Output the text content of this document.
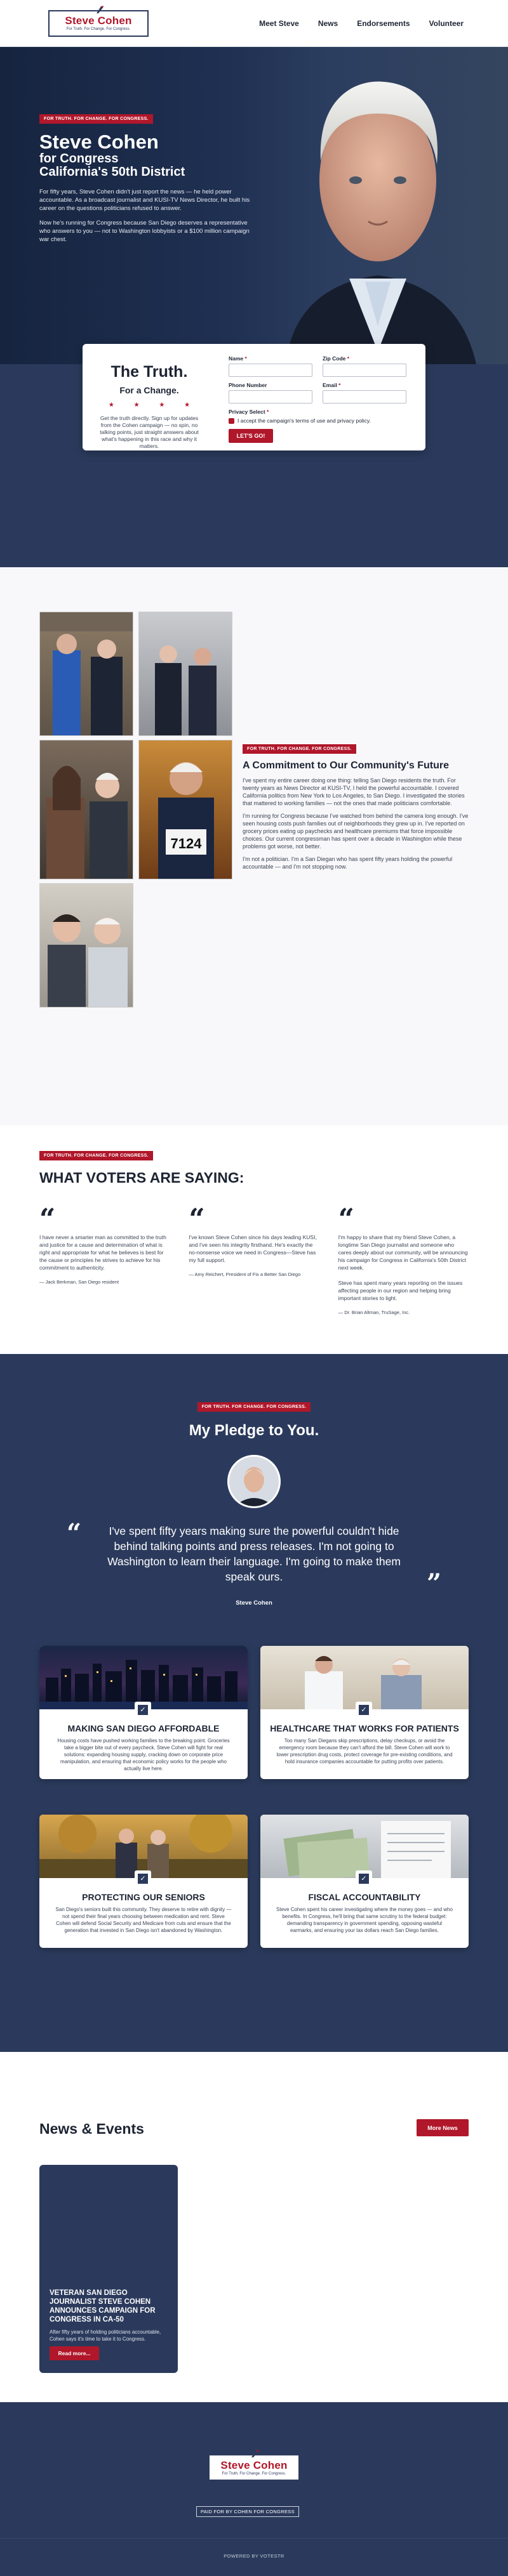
Steve Cohen
For Truth. For Change. For Congress.
Meet Steve	News	Endorsements	Volunteer
FOR TRUTH. FOR CHANGE. FOR CONGRESS.
Steve Cohen
for Congress
California's 50th District

For fifty years, Steve Cohen didn't just report the news — he held power accountable. As a broadcast journalist and KUSI-TV News Director, he built his career on the questions politicians refused to answer.

Now he's running for Congress because San Diego deserves a representative who answers to you — not to Washington lobbyists or a $100 million campaign war chest.

The Truth.
For a Change.
★ ★ ★ ★

Get the truth directly. Sign up for updates from the Cohen campaign — no spin, no talking points, just straight answers about what's happening in this race and why it matters.

Name *	Zip Code *
Phone Number	Email *
Privacy Select *
I accept the campaign's terms of use and privacy policy.
LET'S GO!
7124
FOR TRUTH. FOR CHANGE. FOR CONGRESS.
A Commitment to Our Community's Future

I've spent my entire career doing one thing: telling San Diego residents the truth. For twenty years as News Director at KUSI-TV, I held the powerful accountable. I covered California politics from New York to Los Angeles, to San Diego. I investigated the stories that mattered to working families — not the ones that made politicians comfortable.

I'm running for Congress because I've watched from behind the camera long enough. I've seen housing costs push families out of neighborhoods they grew up in. I've reported on grocery prices eating up paychecks and healthcare premiums that force impossible choices. Our current congressman has spent over a decade in Washington while these problems got worse, not better.

I'm not a politician. I'm a San Diegan who has spent fifty years holding the powerful accountable — and I'm not stopping now.

FOR TRUTH. FOR CHANGE. FOR CONGRESS.
WHAT VOTERS ARE SAYING:
“

I have never a smarter man as committed to the truth and justice for a cause and determination of what is right and appropriate for what he believes is best for the cause or principles he strives to achieve for his commitment to authenticity.

— Jack Berkman, San Diego resident
“

I've known Steve Cohen since his days leading KUSI, and I've seen his integrity firsthand. He's exactly the no-nonsense voice we need in Congress—Steve has my full support.

— Amy Reichert, President of Fix a Better San Diego
“

I'm happy to share that my friend Steve Cohen, a longtime San Diego journalist and someone who cares deeply about our community, will be announcing his campaign for Congress in California's 50th District next week.

Steve has spent many years reporting on the issues affecting people in our region and helping bring important stories to light.

— Dr. Brian Altman, TruSage, Inc.
FOR TRUTH. FOR CHANGE. FOR CONGRESS.
My Pledge to You.
“	I've spent fifty years making sure the powerful couldn't hide behind talking points and press releases. I'm not going to Washington to learn their language. I'm going to make them speak ours.	”
Steve Cohen
✓
MAKING SAN DIEGO AFFORDABLE

Housing costs have pushed working families to the breaking point. Groceries take a bigger bite out of every paycheck. Steve Cohen will fight for real solutions: expanding housing supply, cracking down on corporate price manipulation, and ensuring that economic policy works for the people who actually live here.

✓
HEALTHCARE THAT WORKS FOR PATIENTS

Too many San Diegans skip prescriptions, delay checkups, or avoid the emergency room because they can't afford the bill. Steve Cohen will work to lower prescription drug costs, protect coverage for pre-existing conditions, and hold insurance companies accountable for putting profits over patients.

✓
PROTECTING OUR SENIORS

San Diego's seniors built this community. They deserve to retire with dignity — not spend their final years choosing between medication and rent. Steve Cohen will defend Social Security and Medicare from cuts and ensure that the generation that invested in San Diego isn't abandoned by Washington.

✓
FISCAL ACCOUNTABILITY

Steve Cohen spent his career investigating where the money goes — and who benefits. In Congress, he'll bring that same scrutiny to the federal budget: demanding transparency in government spending, opposing wasteful earmarks, and ensuring your tax dollars reach San Diego families.

News & Events	More News
VETERAN SAN DIEGO JOURNALIST STEVE COHEN ANNOUNCES CAMPAIGN FOR CONGRESS IN CA-50
After fifty years of holding politicians accountable, Cohen says it's time to take it to Congress.
Read more...
Steve Cohen
For Truth. For Change. For Congress.
PAID FOR BY COHEN FOR CONGRESS
POWERED BY VOTESTR
